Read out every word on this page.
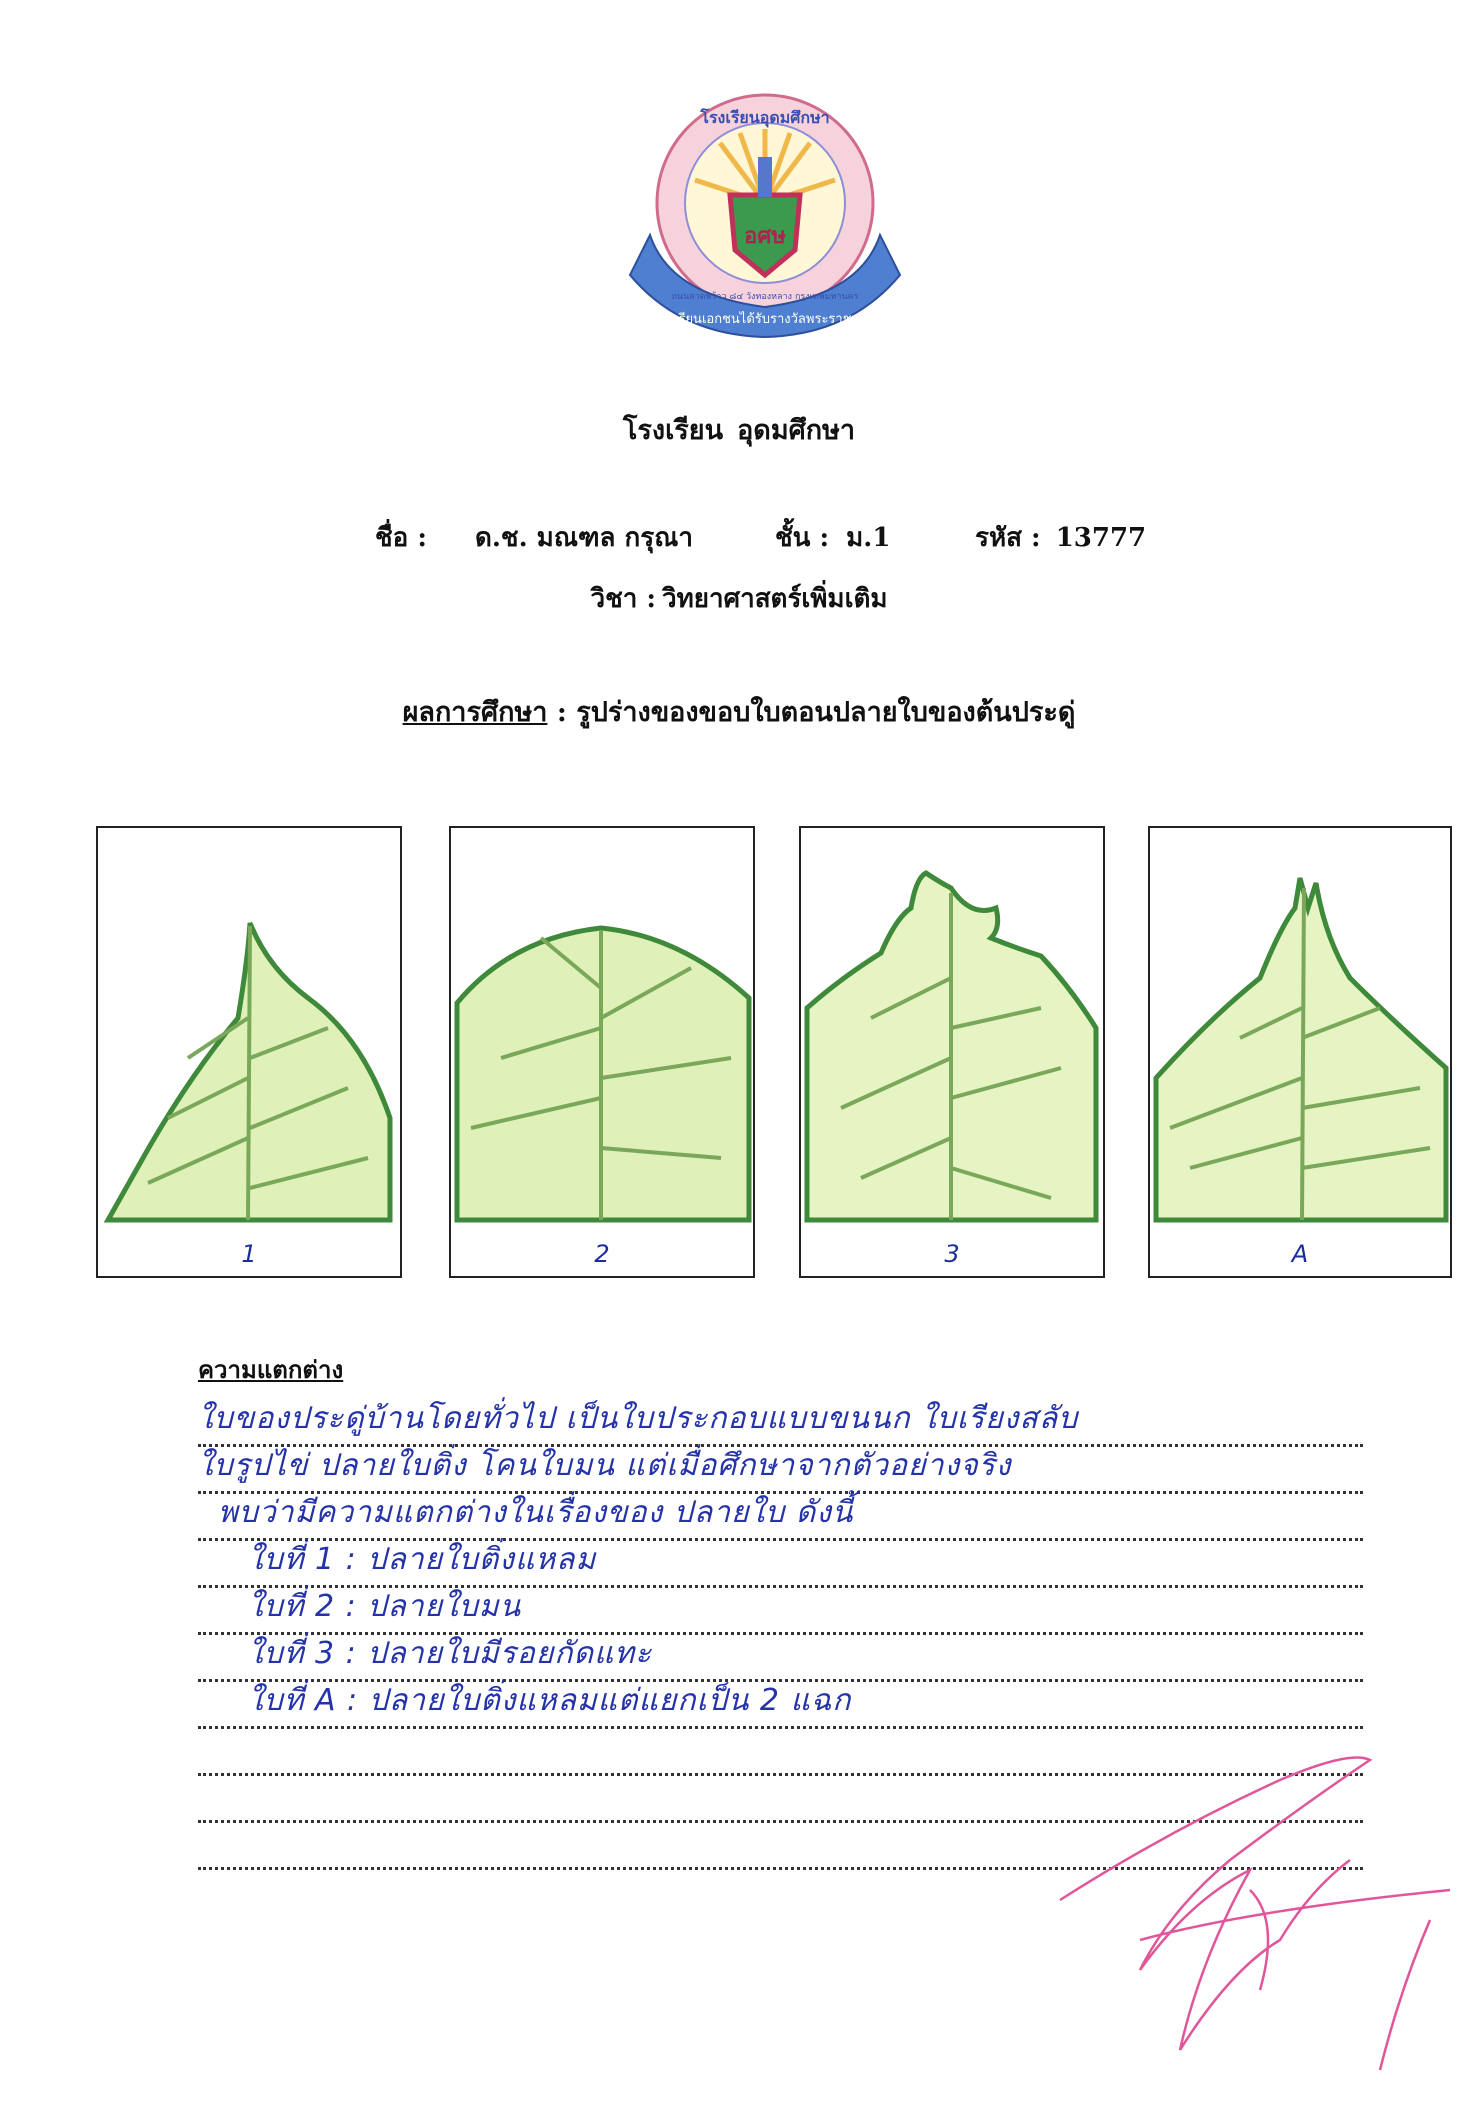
โรงเรียนเอกชนได้รับรางวัลพระราชทาน
โรงเรียนอุดมศึกษา
ถนนลาดพร้าว ๘๔ วังทองหลาง กรุงเทพมหานคร
อศษ
โรงเรียน อุดมศึกษา
ชื่อ : ด.ช. มณฑล กรุณา	ชั้น : ม.1	รหัส : 13777
วิชา : วิทยาศาสตร์เพิ่มเติม
ผลการศึกษา : รูปร่างของขอบใบตอนปลายใบของต้นประดู่
1	2	3	A
ความแตกต่าง
ใบของประดู่บ้านโดยทั่วไป เป็นใบประกอบแบบขนนก ใบเรียงสลับ
ใบรูปไข่ ปลายใบติ่ง โคนใบมน แต่เมื่อศึกษาจากตัวอย่างจริง
พบว่ามีความแตกต่างในเรื่องของ ปลายใบ ดังนี้
ใบที่ 1 : ปลายใบติ่งแหลม
ใบที่ 2 : ปลายใบมน
ใบที่ 3 : ปลายใบมีรอยกัดแทะ
ใบที่ A : ปลายใบติ่งแหลมแต่แยกเป็น 2 แฉก
